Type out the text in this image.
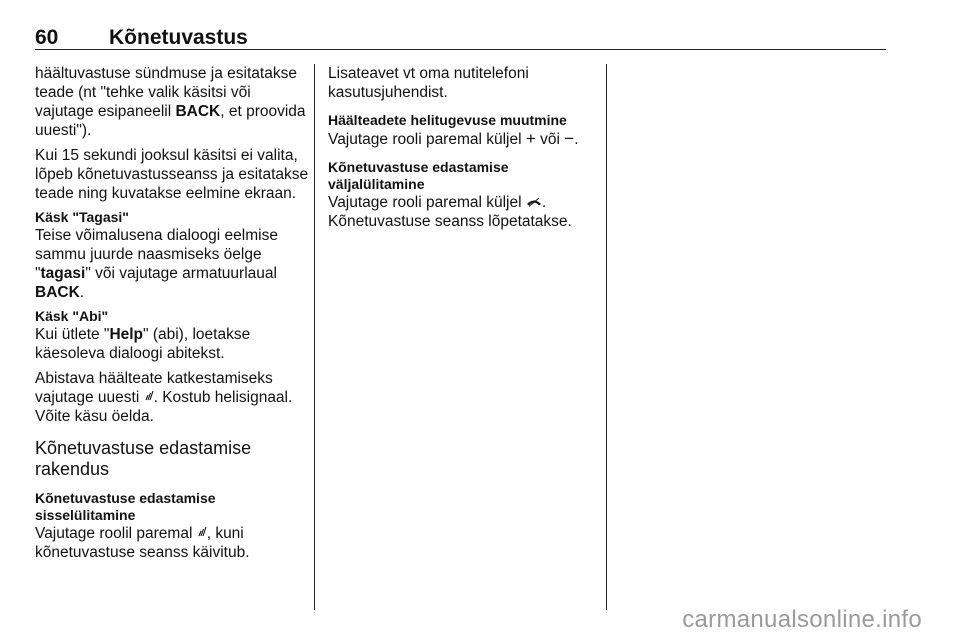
60 Kõnetuvastus

häältuvastuse sündmuse ja esitatakse teade (nt "tehke valik käsitsi või vajutage esipaneelil BACK, et proovida uuesti").

Kui 15 sekundi jooksul käsitsi ei valita, lõpeb kõnetuvastusseanss ja esitatakse teade ning kuvatakse eelmine ekraan.

Käsk "Tagasi"

Teise võimalusena dialoogi eelmise sammu juurde naasmiseks öelge "tagasi" või vajutage armatuurlaual BACK.

Käsk "Abi"

Kui ütlete "Help" (abi), loetakse käesoleva dialoogi abitekst.

Abistava häälteate katkestamiseks vajutage uuesti . Kostub helisignaal. Võite käsu öelda.

Kõnetuvastuse edastamise rakendus
Kõnetuvastuse edastamise sisselülitamine

Vajutage roolil paremal , kuni kõnetuvastuse seanss käivitub.

Lisateavet vt oma nutitelefoni kasutusjuhendist.

Häälteadete helitugevuse muutmine

Vajutage rooli paremal küljel + või −.

Kõnetuvastuse edastamise väljalülitamine

Vajutage rooli paremal küljel .

Kõnetuvastuse seanss lõpetatakse.

carmanualsonline.info
